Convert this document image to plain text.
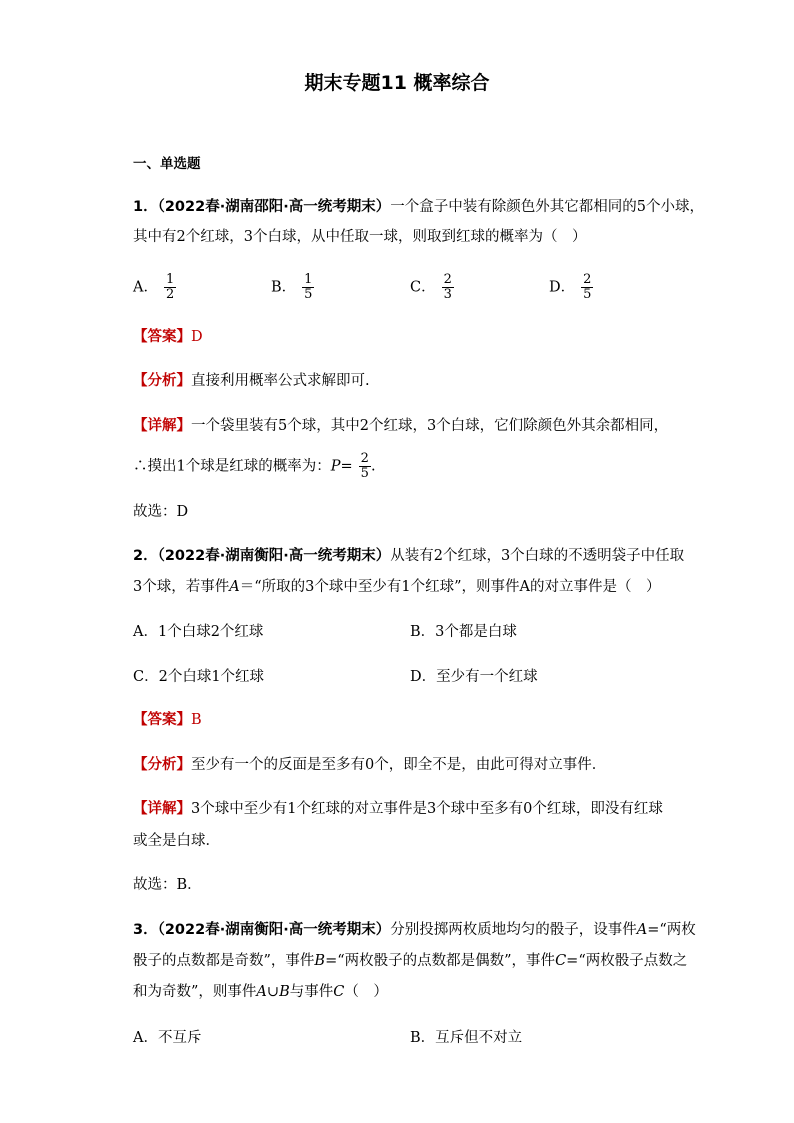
期末专题11 概率综合
一、单选题
1．（2022春·湖南邵阳·高一统考期末）一个盒子中装有除颜色外其它都相同的5个小球，
其中有2个红球，3个白球，从中任取一球，则取到红球的概率为（　）
A． $\frac{1}{2}$	B． $\frac{1}{5}$	C． $\frac{2}{3}$	D． $\frac{2}{5}$
【答案】D
【分析】直接利用概率公式求解即可.
【详解】一个袋里装有5个球，其中2个红球，3个白球，它们除颜色外其余都相同，
∴摸出1个球是红球的概率为：$P= \frac{2}{5}$ .
故选：D
2．（2022春·湖南衡阳·高一统考期末）从装有2个红球，3个白球的不透明袋子中任取
3个球，若事件A＝“所取的3个球中至少有1个红球”，则事件A的对立事件是（　）
A．1个白球2个红球	B．3个都是白球
C．2个白球1个红球	D．至少有一个红球
【答案】B
【分析】至少有一个的反面是至多有0个，即全不是，由此可得对立事件．
【详解】3个球中至少有1个红球的对立事件是3个球中至多有0个红球，即没有红球
或全是白球．
故选：B．
3．（2022春·湖南衡阳·高一统考期末）分别投掷两枚质地均匀的骰子，设事件A=“两枚
骰子的点数都是奇数”，事件B=“两枚骰子的点数都是偶数”，事件C=“两枚骰子点数之
和为奇数”，则事件A∪B与事件C（　）
A．不互斥	B．互斥但不对立
